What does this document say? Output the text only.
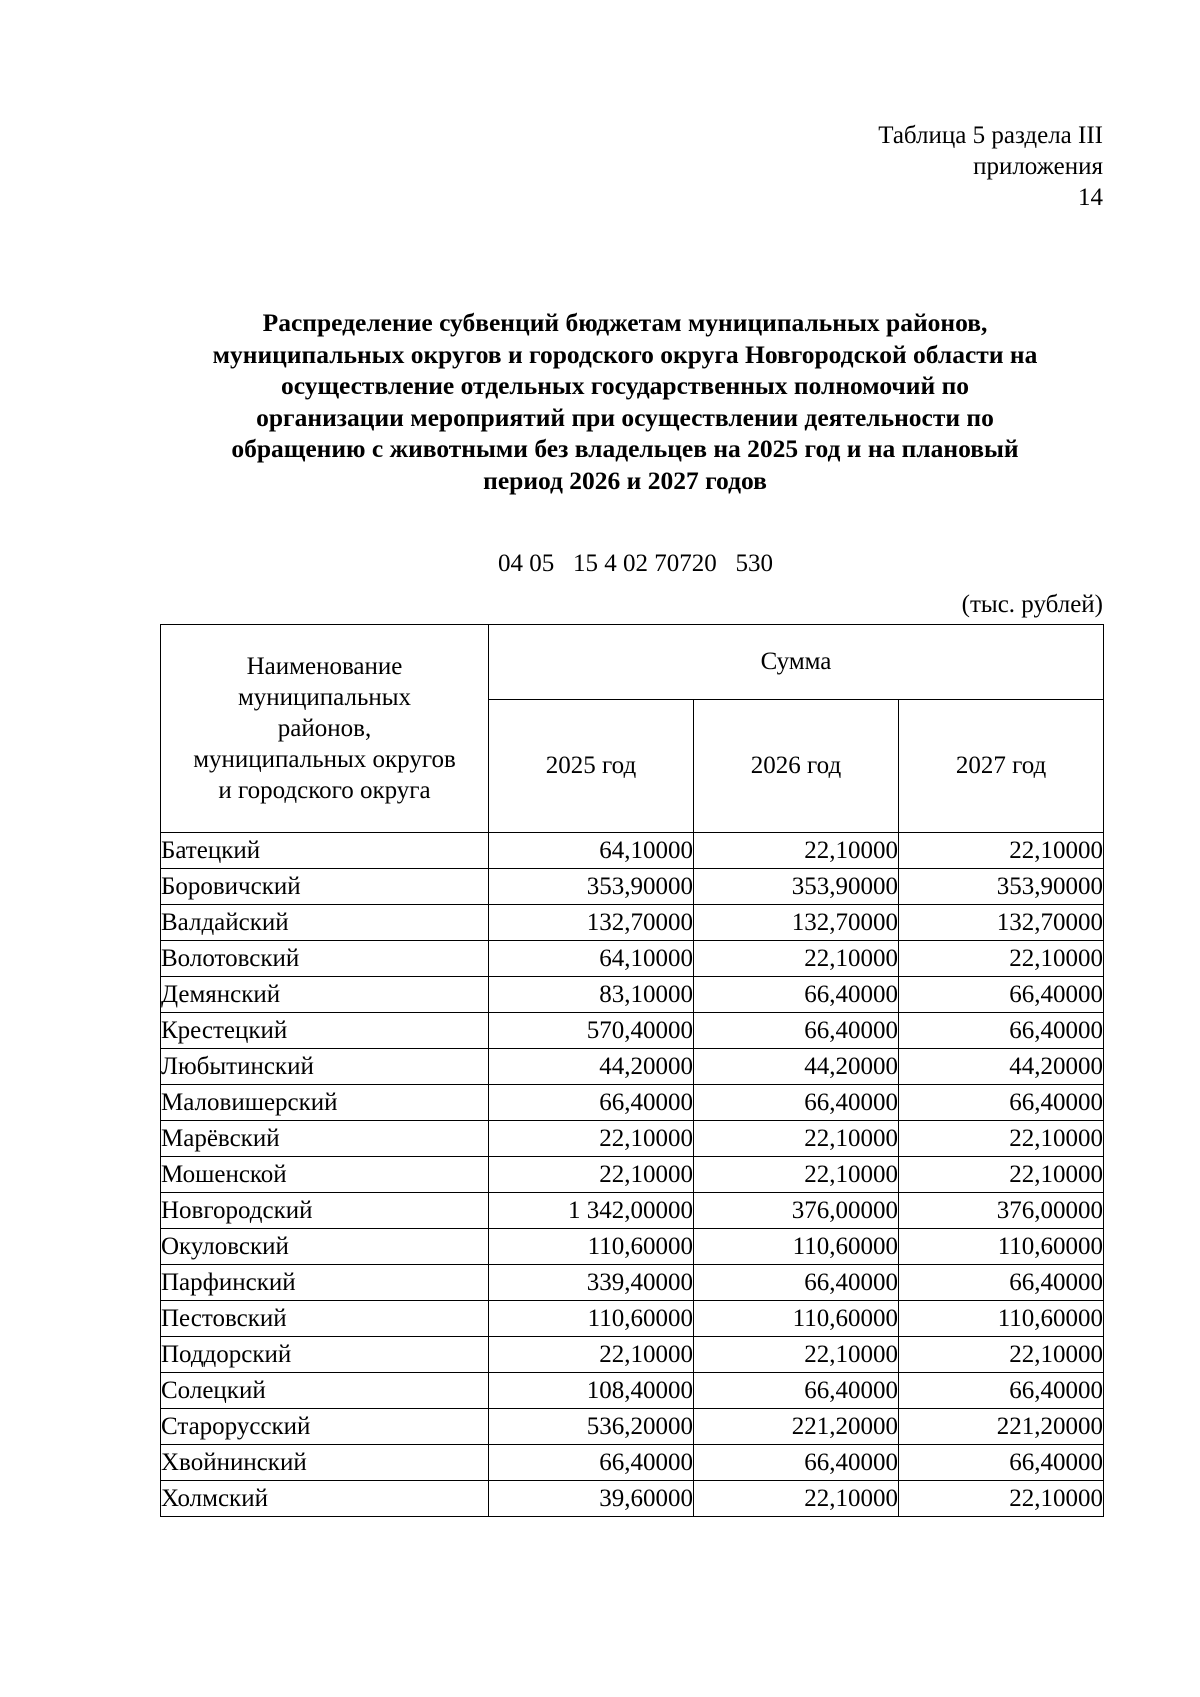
Таблица 5 раздела III
приложения
14
Распределение субвенций бюджетам муниципальных районов,
муниципальных округов и городского округа Новгородской области на
осуществление отдельных государственных полномочий по
организации мероприятий при осуществлении деятельности по
обращению с животными без владельцев на 2025 год и на плановый
период 2026 и 2027 годов
04 05   15 4 02 70720   530
(тыс. рублей)
Наименование
муниципальных
районов,
муниципальных округов
и городского округа	Сумма		
	2025 год	2026 год	2027 год
Батецкий	64,10000	22,10000	22,10000
Боровичский	353,90000	353,90000	353,90000
Валдайский	132,70000	132,70000	132,70000
Волотовский	64,10000	22,10000	22,10000
Демянский	83,10000	66,40000	66,40000
Крестецкий	570,40000	66,40000	66,40000
Любытинский	44,20000	44,20000	44,20000
Маловишерский	66,40000	66,40000	66,40000
Марёвский	22,10000	22,10000	22,10000
Мошенской	22,10000	22,10000	22,10000
Новгородский	1 342,00000	376,00000	376,00000
Окуловский	110,60000	110,60000	110,60000
Парфинский	339,40000	66,40000	66,40000
Пестовский	110,60000	110,60000	110,60000
Поддорский	22,10000	22,10000	22,10000
Солецкий	108,40000	66,40000	66,40000
Старорусский	536,20000	221,20000	221,20000
Хвойнинский	66,40000	66,40000	66,40000
Холмский	39,60000	22,10000	22,10000
